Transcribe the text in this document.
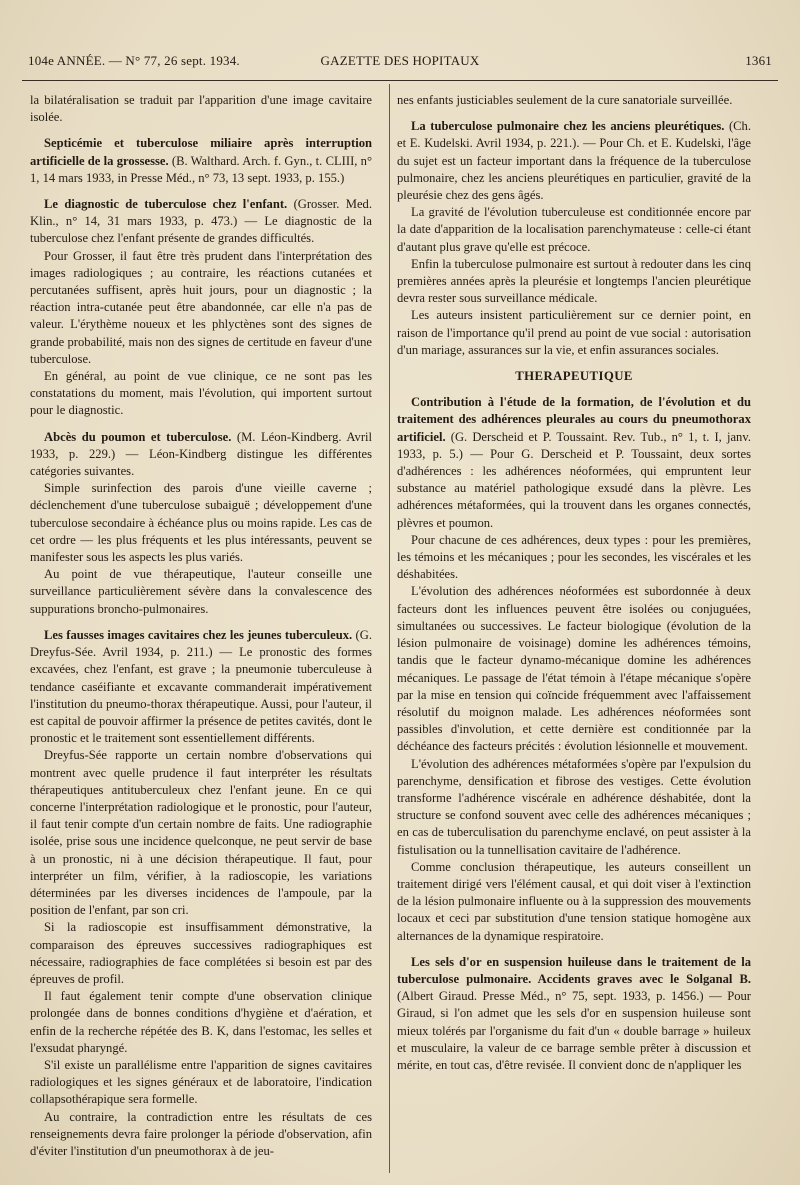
104e ANNÉE. — N° 77, 26 sept. 1934.	GAZETTE DES HOPITAUX	1361

la bilatéralisation se traduit par l'apparition d'une image cavitaire isolée.

Septicémie et tuberculose miliaire après interruption artificielle de la grossesse. (B. Walthard. Arch. f. Gyn., t. CLIII, n° 1, 14 mars 1933, in Presse Méd., n° 73, 13 sept. 1933, p. 155.)

Le diagnostic de tuberculose chez l'enfant. (Grosser. Med. Klin., n° 14, 31 mars 1933, p. 473.) — Le diagnostic de la tuberculose chez l'enfant présente de grandes difficultés.

Pour Grosser, il faut être très prudent dans l'interprétation des images radiologiques ; au contraire, les réactions cutanées et percutanées suffisent, après huit jours, pour un diagnostic ; la réaction intra-cutanée peut être abandonnée, car elle n'a pas de valeur. L'érythème noueux et les phlyctènes sont des signes de grande probabilité, mais non des signes de certitude en faveur d'une tuberculose.

En général, au point de vue clinique, ce ne sont pas les constatations du moment, mais l'évolution, qui importent surtout pour le diagnostic.

Abcès du poumon et tuberculose. (M. Léon-Kindberg. Avril 1933, p. 229.) — Léon-Kindberg distingue les différentes catégories suivantes.

Simple surinfection des parois d'une vieille caverne ; déclenchement d'une tuberculose subaiguë ; développement d'une tuberculose secondaire à échéance plus ou moins rapide. Les cas de cet ordre — les plus fréquents et les plus intéressants, peuvent se manifester sous les aspects les plus variés.

Au point de vue thérapeutique, l'auteur conseille une surveillance particulièrement sévère dans la convalescence des suppurations broncho-pulmonaires.

Les fausses images cavitaires chez les jeunes tuberculeux. (G. Dreyfus-Sée. Avril 1934, p. 211.) — Le pronostic des formes excavées, chez l'enfant, est grave ; la pneumonie tuberculeuse à tendance caséifiante et excavante commanderait impérativement l'institution du pneumo-thorax thérapeutique. Aussi, pour l'auteur, il est capital de pouvoir affirmer la présence de petites cavités, dont le pronostic et le traitement sont essentiellement différents.

Dreyfus-Sée rapporte un certain nombre d'observations qui montrent avec quelle prudence il faut interpréter les résultats thérapeutiques antituberculeux chez l'enfant jeune. En ce qui concerne l'interprétation radiologique et le pronostic, pour l'auteur, il faut tenir compte d'un certain nombre de faits. Une radiographie isolée, prise sous une incidence quelconque, ne peut servir de base à un pronostic, ni à une décision thérapeutique. Il faut, pour interpréter un film, vérifier, à la radioscopie, les variations déterminées par les diverses incidences de l'ampoule, par la position de l'enfant, par son cri.

Si la radioscopie est insuffisamment démonstrative, la comparaison des épreuves successives radiographiques est nécessaire, radiographies de face complétées si besoin est par des épreuves de profil.

Il faut également tenir compte d'une observation clinique prolongée dans de bonnes conditions d'hygiène et d'aération, et enfin de la recherche répétée des B. K, dans l'estomac, les selles et l'exsudat pharyngé.

S'il existe un parallélisme entre l'apparition de signes cavitaires radiologiques et les signes généraux et de laboratoire, l'indication collapsothérapique sera formelle.

Au contraire, la contradiction entre les résultats de ces renseignements devra faire prolonger la période d'observation, afin d'éviter l'institution d'un pneumothorax à de jeu-

nes enfants justiciables seulement de la cure sanatoriale surveillée.

La tuberculose pulmonaire chez les anciens pleurétiques. (Ch. et E. Kudelski. Avril 1934, p. 221.). — Pour Ch. et E. Kudelski, l'âge du sujet est un facteur important dans la fréquence de la tuberculose pulmonaire, chez les anciens pleurétiques en particulier, gravité de la pleurésie chez des gens âgés.

La gravité de l'évolution tuberculeuse est conditionnée encore par la date d'apparition de la localisation parenchymateuse : celle-ci étant d'autant plus grave qu'elle est précoce.

Enfin la tuberculose pulmonaire est surtout à redouter dans les cinq premières années après la pleurésie et longtemps l'ancien pleurétique devra rester sous surveillance médicale.

Les auteurs insistent particulièrement sur ce dernier point, en raison de l'importance qu'il prend au point de vue social : autorisation d'un mariage, assurances sur la vie, et enfin assurances sociales.

THERAPEUTIQUE

Contribution à l'étude de la formation, de l'évolution et du traitement des adhérences pleurales au cours du pneumothorax artificiel. (G. Derscheid et P. Toussaint. Rev. Tub., n° 1, t. I, janv. 1933, p. 5.) — Pour G. Derscheid et P. Toussaint, deux sortes d'adhérences : les adhérences néoformées, qui empruntent leur substance au matériel pathologique exsudé dans la plèvre. Les adhérences métaformées, qui la trouvent dans les organes connectés, plèvres et poumon.

Pour chacune de ces adhérences, deux types : pour les premières, les témoins et les mécaniques ; pour les secondes, les viscérales et les déshabitées.

L'évolution des adhérences néoformées est subordonnée à deux facteurs dont les influences peuvent être isolées ou conjuguées, simultanées ou successives. Le facteur biologique (évolution de la lésion pulmonaire de voisinage) domine les adhérences témoins, tandis que le facteur dynamo-mécanique domine les adhérences mécaniques. Le passage de l'état témoin à l'étape mécanique s'opère par la mise en tension qui coïncide fréquemment avec l'affaissement résolutif du moignon malade. Les adhérences néoformées sont passibles d'involution, et cette dernière est conditionnée par la déchéance des facteurs précités : évolution lésionnelle et mouvement.

L'évolution des adhérences métaformées s'opère par l'expulsion du parenchyme, densification et fibrose des vestiges. Cette évolution transforme l'adhérence viscérale en adhérence déshabitée, dont la structure se confond souvent avec celle des adhérences mécaniques ; en cas de tuberculisation du parenchyme enclavé, on peut assister à la fistulisation ou la tunnellisation cavitaire de l'adhérence.

Comme conclusion thérapeutique, les auteurs conseillent un traitement dirigé vers l'élément causal, et qui doit viser à l'extinction de la lésion pulmonaire influente ou à la suppression des mouvements locaux et ceci par substitution d'une tension statique homogène aux alternances de la dynamique respiratoire.

Les sels d'or en suspension huileuse dans le traitement de la tuberculose pulmonaire. Accidents graves avec le Solganal B. (Albert Giraud. Presse Méd., n° 75, sept. 1933, p. 1456.) — Pour Giraud, si l'on admet que les sels d'or en suspension huileuse sont mieux tolérés par l'organisme du fait d'un « double barrage » huileux et musculaire, la valeur de ce barrage semble prêter à discussion et mérite, en tout cas, d'être revisée. Il convient donc de n'appliquer les
